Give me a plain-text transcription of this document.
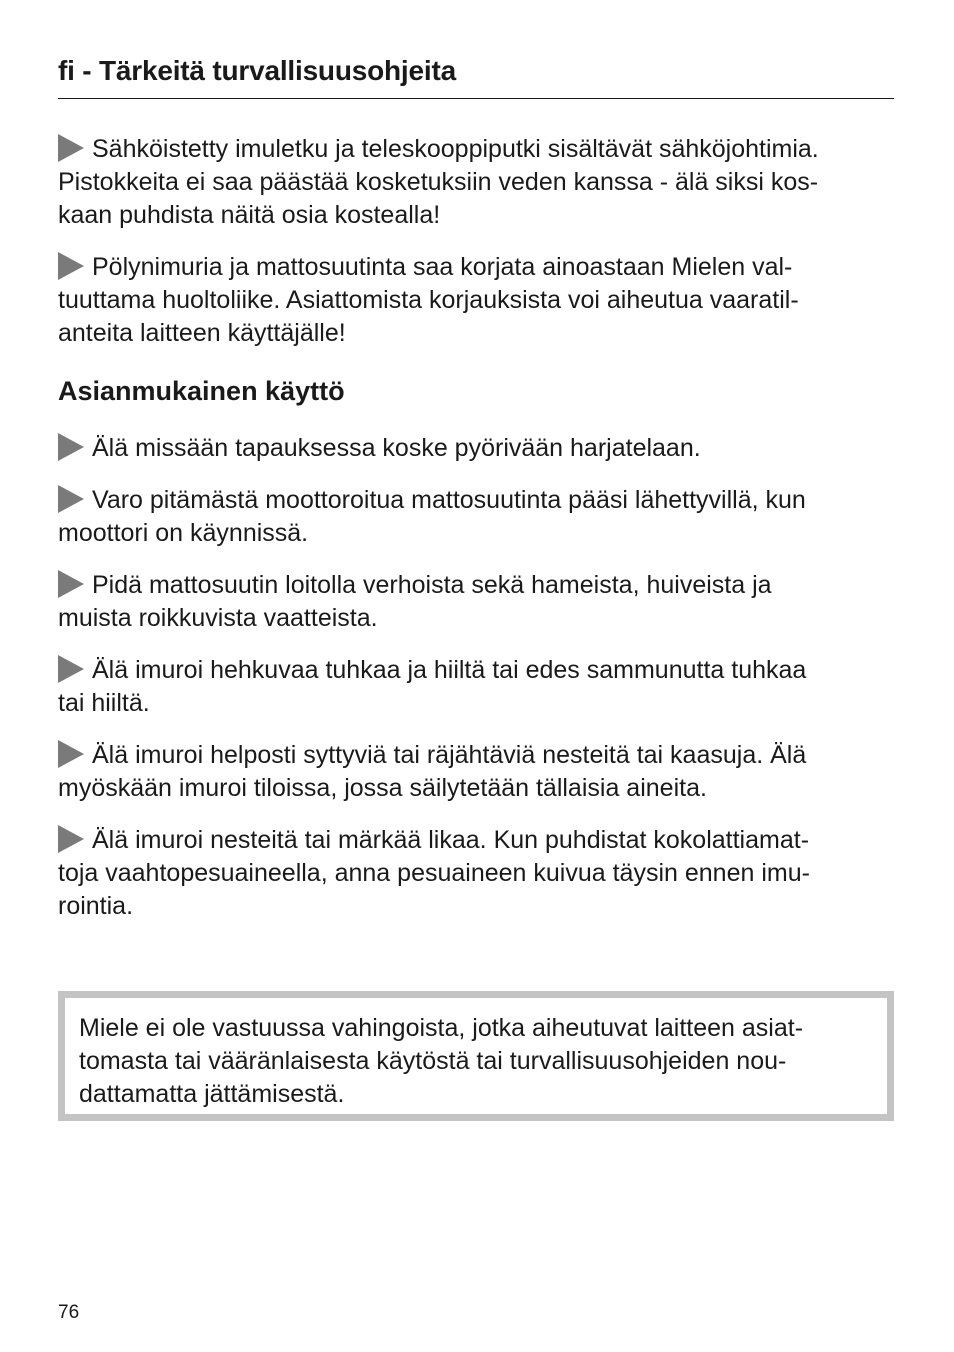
fi - Tärkeitä turvallisuusohjeita

Sähköistetty imuletku ja teleskooppiputki sisältävät sähköjohtimia.
Pistokkeita ei saa päästää kosketuksiin veden kanssa - älä siksi kos-
kaan puhdista näitä osia kostealla!

Pölynimuria ja mattosuutinta saa korjata ainoastaan Mielen val-
tuuttama huoltoliike. Asiattomista korjauksista voi aiheutua vaaratil-
anteita laitteen käyttäjälle!

Asianmukainen käyttö

Älä missään tapauksessa koske pyörivään harjatelaan.

Varo pitämästä moottoroitua mattosuutinta pääsi lähettyvillä, kun
moottori on käynnissä.

Pidä mattosuutin loitolla verhoista sekä hameista, huiveista ja
muista roikkuvista vaatteista.

Älä imuroi hehkuvaa tuhkaa ja hiiltä tai edes sammunutta tuhkaa
tai hiiltä.

Älä imuroi helposti syttyviä tai räjähtäviä nesteitä tai kaasuja. Älä
myöskään imuroi tiloissa, jossa säilytetään tällaisia aineita.

Älä imuroi nesteitä tai märkää likaa. Kun puhdistat kokolattiamat-
toja vaahtopesuaineella, anna pesuaineen kuivua täysin ennen imu-
rointia.

Miele ei ole vastuussa vahingoista, jotka aiheutuvat laitteen asiat-
tomasta tai vääränlaisesta käytöstä tai turvallisuusohjeiden nou-
dattamatta jättämisestä.
76
